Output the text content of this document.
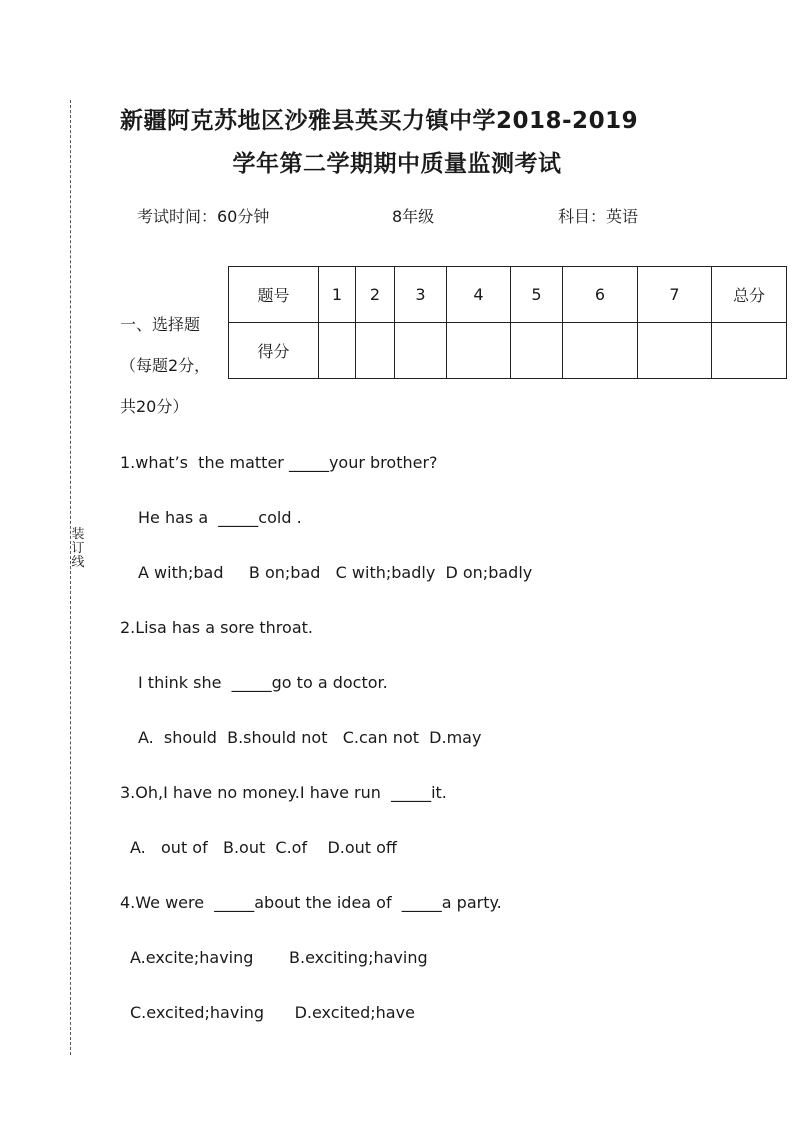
装订线
新疆阿克苏地区沙雅县英买力镇中学2018-2019
学年第二学期期中质量监测考试
考试时间：60分钟	8年级	科目：英语
题号	1	2	3	4	5	6	7	总分
得分								
一、选择题
（每题2分，
共20分）
1.what’s  the matter _____your brother?
He has a  _____cold .
A with;bad     B on;bad   C with;badly  D on;badly
2.Lisa has a sore throat.
I think she  _____go to a doctor.
A.  should  B.should not   C.can not  D.may
3.Oh,I have no money.I have run  _____it.
A.   out of   B.out  C.of    D.out off
4.We were  _____about the idea of  _____a party.
A.excite;having       B.exciting;having
C.excited;having      D.excited;have
